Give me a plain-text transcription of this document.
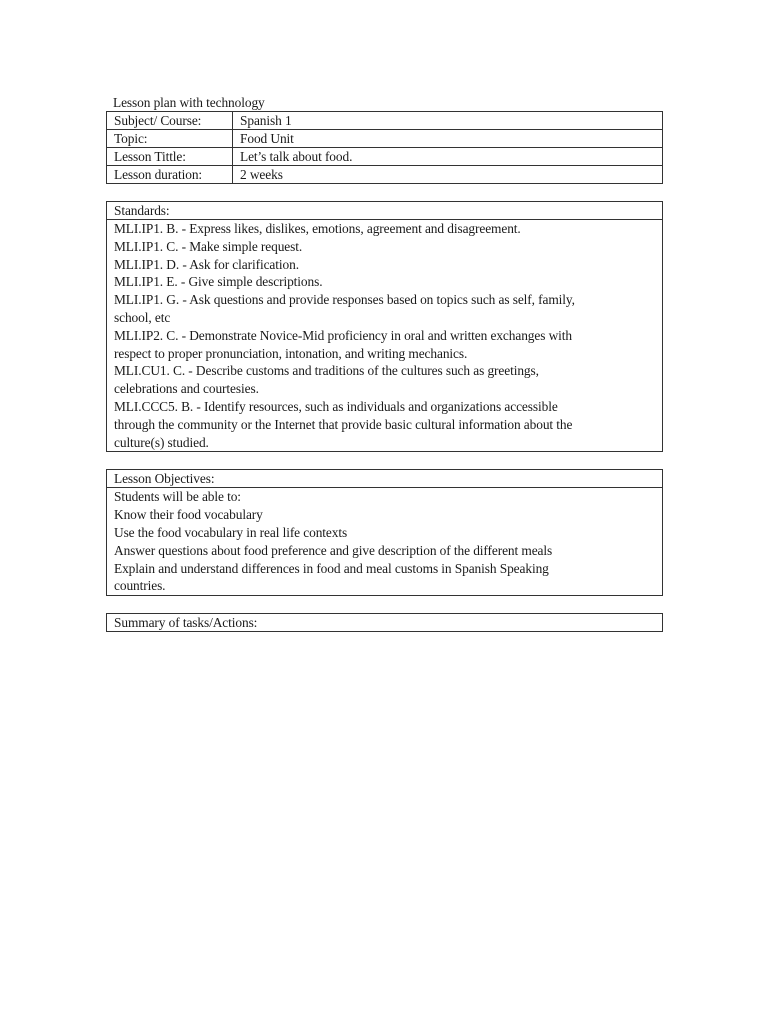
Lesson plan with technology
Subject/ Course:	Spanish 1
Topic:	Food Unit
Lesson Tittle:	Let’s talk about food.
Lesson duration:	2 weeks
Standards:
MLI.IP1. B. - Express likes, dislikes, emotions, agreement and disagreement.
MLI.IP1. C. - Make simple request.
MLI.IP1. D. - Ask for clarification.
MLI.IP1. E. - Give simple descriptions.
MLI.IP1. G. - Ask questions and provide responses based on topics such as self, family,
school, etc
MLI.IP2. C. - Demonstrate Novice-Mid proficiency in oral and written exchanges with
respect to proper pronunciation, intonation, and writing mechanics.
MLI.CU1. C. - Describe customs and traditions of the cultures such as greetings,
celebrations and courtesies.
MLI.CCC5. B. - Identify resources, such as individuals and organizations accessible
through the community or the Internet that provide basic cultural information about the
culture(s) studied.
Lesson Objectives:
Students will be able to:
Know their food vocabulary
Use the food vocabulary in real life contexts
Answer questions about food preference and give description of the different meals
Explain and understand differences in food and meal customs in Spanish Speaking
countries.
Summary of tasks/Actions:
